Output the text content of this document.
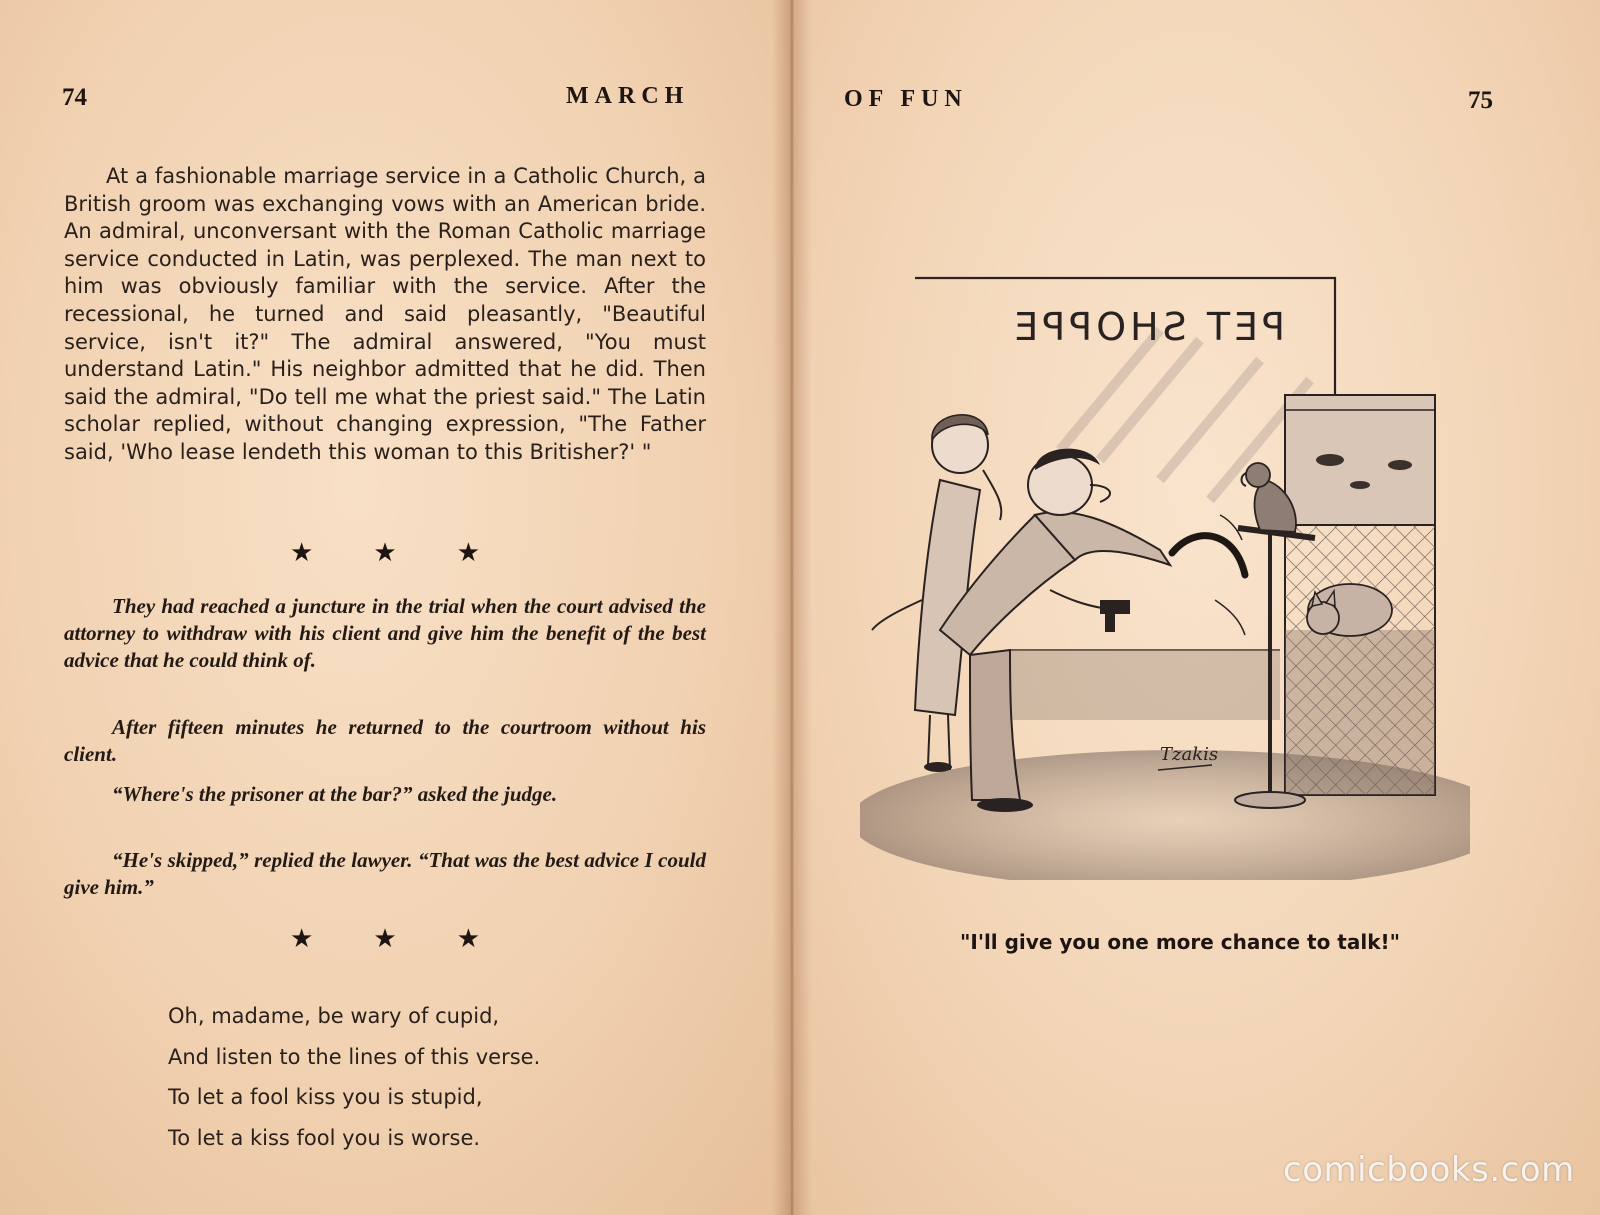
74	MARCH

At a fashionable marriage service in a Catholic Church, a British groom was exchanging vows with an American bride. An admiral, unconversant with the Roman Catholic marriage service conducted in Latin, was perplexed. The man next to him was obviously familiar with the service. After the recessional, he turned and said pleasantly, "Beautiful service, isn't it?" The admiral answered, "You must understand Latin." His neighbor admitted that he did. Then said the admiral, "Do tell me what the priest said." The Latin scholar replied, without changing expression, "The Father said, 'Who lease lendeth this woman to this Britisher?' "

★ ★ ★

They had reached a juncture in the trial when the court advised the attorney to withdraw with his client and give him the benefit of the best advice that he could think of.

After fifteen minutes he returned to the courtroom without his client.

“Where's the prisoner at the bar?” asked the judge.

“He's skipped,” replied the lawyer. “That was the best advice I could give him.”

★ ★ ★
Oh, madame, be wary of cupid,
And listen to the lines of this verse.
To let a fool kiss you is stupid,
To let a kiss fool you is worse.
OF FUN	75
PET SHOPPE
Tzakis
"I'll give you one more chance to talk!"
comicbooks.com
